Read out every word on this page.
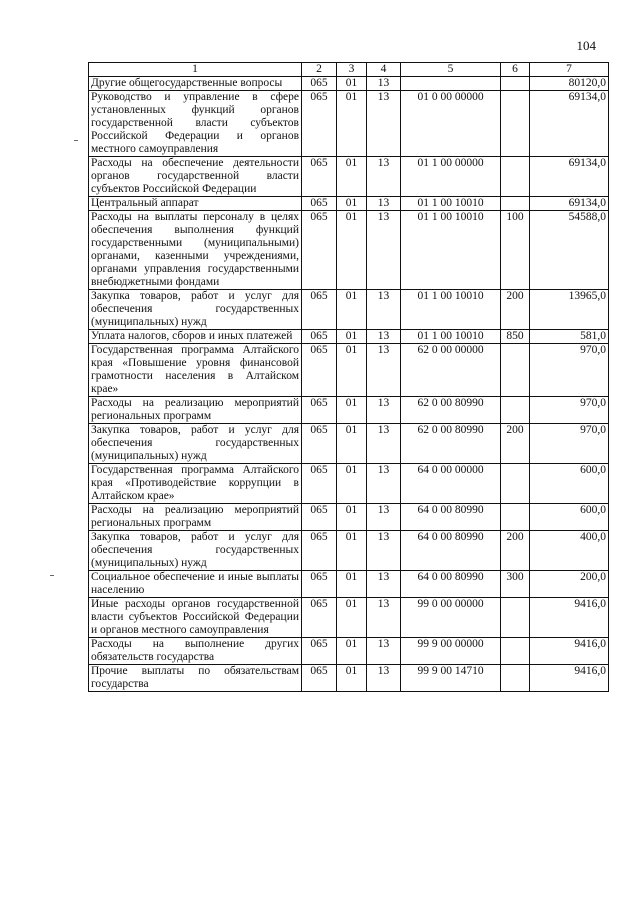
104
1	2	3	4	5	6	7
Другие общегосударственные вопросы	065	01	13			80120,0
Руководство и управление в сфере установленных функций органов государственной власти субъектов Российской Федерации и органов местного самоуправления	065	01	13	01 0 00 00000		69134,0
Расходы на обеспечение деятельности органов государственной власти субъектов Российской Федерации	065	01	13	01 1 00 00000		69134,0
Центральный аппарат	065	01	13	01 1 00 10010		69134,0
Расходы на выплаты персоналу в целях обеспечения выполнения функций государственными (муниципальными) органами, казенными учреждениями, органами управления государственными внебюджетными фондами	065	01	13	01 1 00 10010	100	54588,0
Закупка товаров, работ и услуг для обеспечения государственных (муниципальных) нужд	065	01	13	01 1 00 10010	200	13965,0
Уплата налогов, сборов и иных платежей	065	01	13	01 1 00 10010	850	581,0
Государственная программа Алтайского края «Повышение уровня финансовой грамотности населения в Алтайском крае»	065	01	13	62 0 00 00000		970,0
Расходы на реализацию мероприятий региональных программ	065	01	13	62 0 00 80990		970,0
Закупка товаров, работ и услуг для обеспечения государственных (муниципальных) нужд	065	01	13	62 0 00 80990	200	970,0
Государственная программа Алтайского края «Противодействие коррупции в Алтайском крае»	065	01	13	64 0 00 00000		600,0
Расходы на реализацию мероприятий региональных программ	065	01	13	64 0 00 80990		600,0
Закупка товаров, работ и услуг для обеспечения государственных (муниципальных) нужд	065	01	13	64 0 00 80990	200	400,0
Социальное обеспечение и иные выплаты населению	065	01	13	64 0 00 80990	300	200,0
Иные расходы органов государственной власти субъектов Российской Федерации и органов местного самоуправления	065	01	13	99 0 00 00000		9416,0
Расходы на выполнение других обязательств государства	065	01	13	99 9 00 00000		9416,0
Прочие выплаты по обязательствам государства	065	01	13	99 9 00 14710		9416,0
